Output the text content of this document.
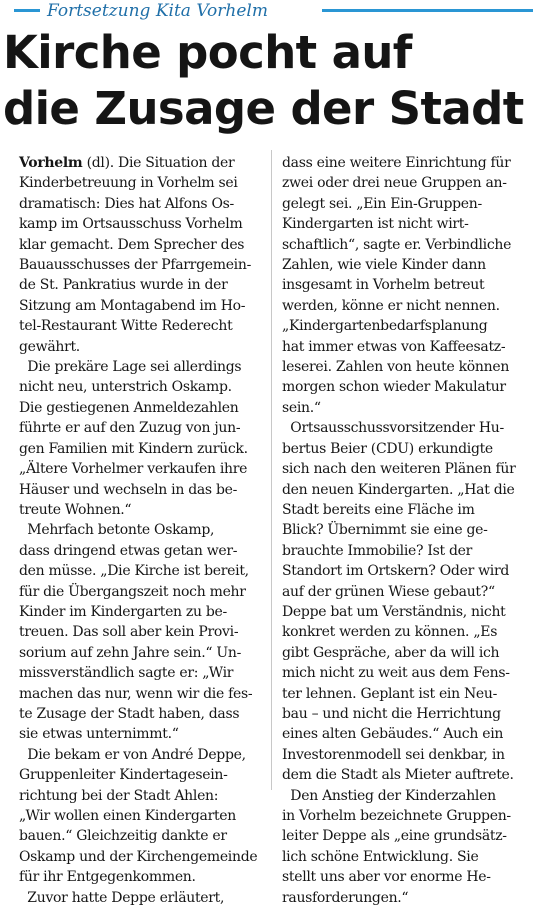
Fortsetzung Kita Vorhelm
Kirche pocht auf
die Zusage der Stadt
Vorhelm (dl). Die Situation der
Kinderbetreuung in Vorhelm sei
dramatisch: Dies hat Alfons Os-
kamp im Ortsausschuss Vorhelm
klar gemacht. Dem Sprecher des
Bauausschusses der Pfarrgemein-
de St. Pankratius wurde in der
Sitzung am Montagabend im Ho-
tel-Restaurant Witte Rederecht
gewährt.
Die prekäre Lage sei allerdings
nicht neu, unterstrich Oskamp.
Die gestiegenen Anmeldezahlen
führte er auf den Zuzug von jun-
gen Familien mit Kindern zurück.
„Ältere Vorhelmer verkaufen ihre
Häuser und wechseln in das be-
treute Wohnen.“
Mehrfach betonte Oskamp,
dass dringend etwas getan wer-
den müsse. „Die Kirche ist bereit,
für die Übergangszeit noch mehr
Kinder im Kindergarten zu be-
treuen. Das soll aber kein Provi-
sorium auf zehn Jahre sein.“ Un-
missverständlich sagte er: „Wir
machen das nur, wenn wir die fes-
te Zusage der Stadt haben, dass
sie etwas unternimmt.“
Die bekam er von André Deppe,
Gruppenleiter Kindertagesein-
richtung bei der Stadt Ahlen:
„Wir wollen einen Kindergarten
bauen.“ Gleichzeitig dankte er
Oskamp und der Kirchengemeinde
für ihr Entgegenkommen.
Zuvor hatte Deppe erläutert,
dass eine weitere Einrichtung für
zwei oder drei neue Gruppen an-
gelegt sei. „Ein Ein-Gruppen-
Kindergarten ist nicht wirt-
schaftlich“, sagte er. Verbindliche
Zahlen, wie viele Kinder dann
insgesamt in Vorhelm betreut
werden, könne er nicht nennen.
„Kindergartenbedarfsplanung
hat immer etwas von Kaffeesatz-
leserei. Zahlen von heute können
morgen schon wieder Makulatur
sein.“
Ortsausschussvorsitzender Hu-
bertus Beier (CDU) erkundigte
sich nach den weiteren Plänen für
den neuen Kindergarten. „Hat die
Stadt bereits eine Fläche im
Blick? Übernimmt sie eine ge-
brauchte Immobilie? Ist der
Standort im Ortskern? Oder wird
auf der grünen Wiese gebaut?“
Deppe bat um Verständnis, nicht
konkret werden zu können. „Es
gibt Gespräche, aber da will ich
mich nicht zu weit aus dem Fens-
ter lehnen. Geplant ist ein Neu-
bau – und nicht die Herrichtung
eines alten Gebäudes.“ Auch ein
Investorenmodell sei denkbar, in
dem die Stadt als Mieter auftrete.
Den Anstieg der Kinderzahlen
in Vorhelm bezeichnete Gruppen-
leiter Deppe als „eine grundsätz-
lich schöne Entwicklung. Sie
stellt uns aber vor enorme He-
rausforderungen.“
